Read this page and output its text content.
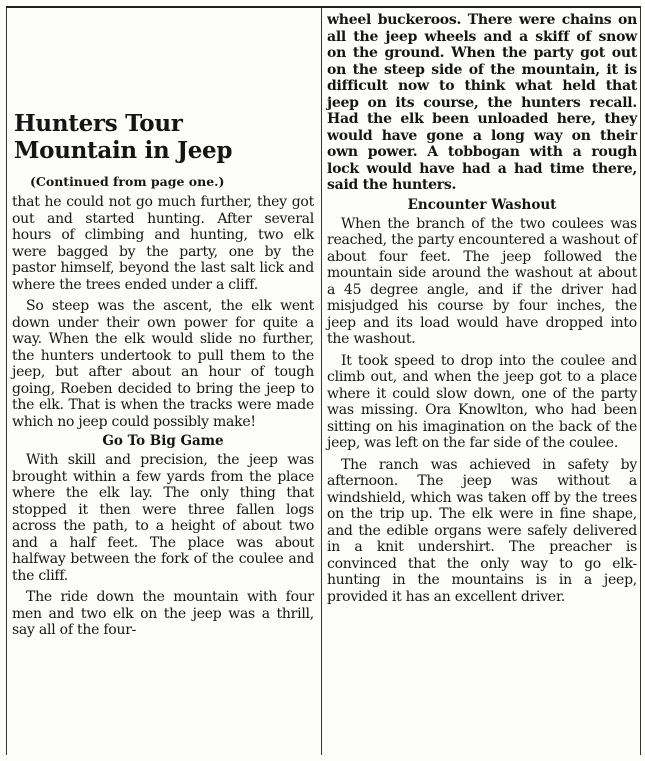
Hunters Tour
Mountain in Jeep
(Continued from page one.)

that he could not go much further, they got out and started hunting. After several hours of climbing and hunting, two elk were bagged by the party, one by the pastor himself, beyond the last salt lick and where the trees ended under a cliff.

So steep was the ascent, the elk went down under their own power for quite a way. When the elk would slide no further, the hunters undertook to pull them to the jeep, but after about an hour of tough going, Roeben decided to bring the jeep to the elk. That is when the tracks were made which no jeep could possibly make!

Go To Big Game

With skill and precision, the jeep was brought within a few yards from the place where the elk lay. The only thing that stopped it then were three fallen logs across the path, to a height of about two and a half feet. The place was about halfway between the fork of the coulee and the cliff.

The ride down the mountain with four men and two elk on the jeep was a thrill, say all of the four-

wheel buckeroos. There were chains on all the jeep wheels and a skiff of snow on the ground. When the party got out on the steep side of the mountain, it is difficult now to think what held that jeep on its course, the hunters recall. Had the elk been unloaded here, they would have gone a long way on their own power. A tobbogan with a rough lock would have had a had time there, said the hunters.

Encounter Washout

When the branch of the two coulees was reached, the party encountered a washout of about four feet. The jeep followed the mountain side around the washout at about a 45 degree angle, and if the driver had misjudged his course by four inches, the jeep and its load would have dropped into the washout.

It took speed to drop into the coulee and climb out, and when the jeep got to a place where it could slow down, one of the party was missing. Ora Knowlton, who had been sitting on his imagination on the back of the jeep, was left on the far side of the coulee.

The ranch was achieved in safety by afternoon. The jeep was without a windshield, which was taken off by the trees on the trip up. The elk were in fine shape, and the edible organs were safely delivered in a knit undershirt. The preacher is convinced that the only way to go elk-hunting in the mountains is in a jeep, provided it has an excellent driver.
